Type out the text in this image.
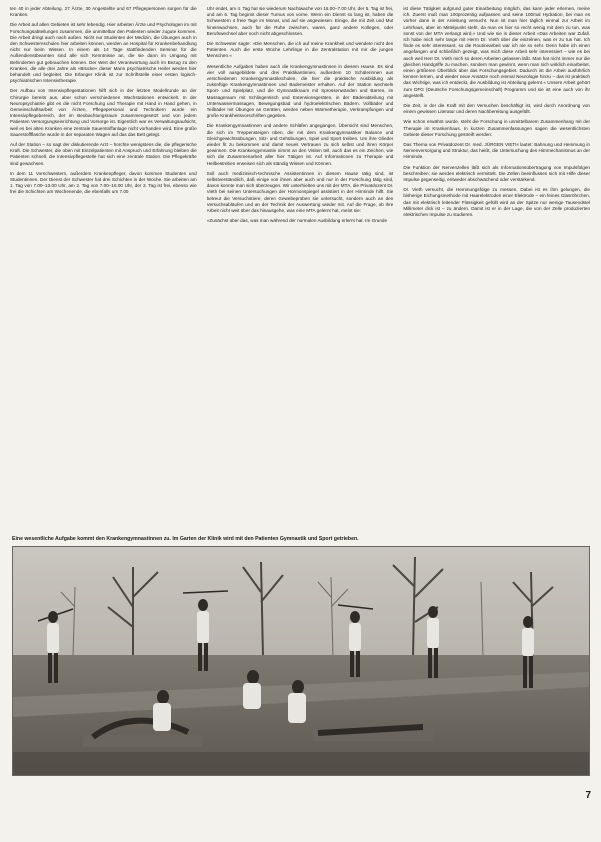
ten 40 in jeder Abteilung. 27 Ärzte, 30 Angestellte und 67 Pflegepersonen sorgen für die Kranken.

Die Arbeit auf allen Gebieten ist sehr lebendig. Hier arbeiten Ärzte und Psychologen im mit Forschungsabteilungen zusammen, die unmittelbar den Patienten wieder zugute kommen. Die Arbeit dringt auch nach außen. Nicht nur Studenten der Medizin, die Übungen auch in den Schwesternschulen hier arbeiten können, werden an Hospital für Krankenbehandlung nicht nur beim Wissen. In einem als 14 Tage stattfindenden Seminar für die Außendienstbeamten sind alle sich Kenntnisse an, die sie dann im Umgang mit Behinderten gut gebrauchen können. Der Wert der Verantwortung auch im Bezug zu den Kranken, die alle drei Jahre als »Brücke« dieser Mann psychiatrische Heiler werden hier behandelt und begleitet. Die Erlanger Klinik ist zur Schriftstelle einer ersten logisch-psychiatrischen Intensivtherapie.

Der Aufbau von Intensivpflegestationen hilft sich in der letzten Modellrunde an der Chirurgie bereits aus, aber schon verschiedenen Wachstationen entwickelt. In der Neuropsychiatrie gibt es die nicht Forschung und Therapie mit Hand in Hand gehen, in Gemeinschaftsarbeit von Ärzten, Pflegepersonal und Technikern wurde ein Intensivpflegebereich, der im Beobachtungsraum zusammengesetzt und von jedem Patienten Versorgungseinrichtung und Vorsorge ist. Eigentlich war es Verwaltungsaufsicht, weil es bei alten Kranken eine zentrale Sauerstoffanlage nicht vorhanden wird. Eine große Sauerstoffflasche wurde in der separaten Wagen auf das das Bett gelegt.

Auf der Station – so sagt der diskutierende Arzt – horchte wenigstens die, die pflegerische Kraft. Die Schwester, die oben mit Einzelpatienten mit Anspruch und Erfahrung bleiben die Patienten schnell, die Intensivpflegestelle hat sich eine zentrale Station. Die Pflegekräfte sind gewachsen.

In dem 11 Vorschwestern, außerdem Krankenpfleger, davon kommen Studenten und Studentinnen. Der Dienst der Schwester hat drei Schichten in der Woche. Sie arbeiten am 1. Tag von 7.00–13.00 Uhr, am 2. Tag von 7.00–16.00 Uhr, der 3. Tag ist frei, ebenso wie frei die Schichten am Wochenende, die ebenfalls um 7.00

Uhr endet, am 4. Tag hat sie wiederum Nachtwache von 16.00–7.00 Uhr, der 5. Tag ist frei, und am 6. Tag beginnt dieser Turnus von vorne. Wenn ein Dienst so lang ist, haben die Schwestern 4 freie Tage im Monat, und auf sie angewiesen. Einige, die mit Zeit und Mut hineinwachsen, auch für die Ruhe zwischen, waren, ganz andere Kollegen, oder Berufswechsel aber noch nicht abgeschlossen.

Die Schwester sagte: »Die Menschen, die ich auf meine Krankheit und wendete nicht den Patienten. Auch die erste Woche Lehrlinge in die Zentralstation mit mir die jungen Menschen.«

Wesentliche Aufgaben haben auch die Krankengymnastinnen in diesem Hause. Es sind vier voll ausgebildete und drei Praktikantinnen, außerdem 10 Schülerinnen aus verschiedenen Krankengymnastikschulen, die hier die praktische Ausbildung als zukünftige Krankengymnastinnen und Bademeister erhalten. Auf der Station wechseln Sport- und Spielplatz, und die Gymnastikraum mit Sprossenwänden und Barren, im Massageraum mit Schlingentisch und Extensionsgeräten, in der Bäderabteilung mit Unterwassermassagen, Bewegungsbad und hydroelektrischen Bädern. Vollbäder und Teilbäder mit Übungen an Geräten, werden neben Wärmetherapie, Verkrampfungen und große Krankheitsvorschriften gegeben.

Die Krankengymnastinnen und andere Schläfen angegangen. Übersicht sind Menschen, die sich im Treppensteigen üben, die mit dem Krankengymnastiker Balance und Gleichgewichtsübungen, Sitz- und Gehübungen, Spiel und Sport treiben. Um ihre Glieder wieder fit zu bekommen und damit neues Vertrauen zu sich selbst und ihren Körper gewinnen. Die Krankengymnastin nimmt an den Visiten teil, auch das es ein Zeichen, wie sich die Zusammenarbeit aller hier Tätigen ist. Auf Informationen zu Therapie und Heilbestreben erweisen sich als ständig Wissen und Können.

Soll auch medizinisch-technische Assistentinnen in diesem Hause tätig sind, ist selbstverständlich, daß einige von ihnen aber auch und nur in der Forschung tätig sind, davon konnte man sich überzeugen. Wir unterhielten uns mit der MTA, die Privatdozent Dr. Vieth bei seinen Untersuchungen der Hormonspiegel assistiert in der Hirnrinde hilft. Sie betreut die Versuchstiere, deren Gewebeproben sie untersucht, sondern auch an den Versuchsabläufen und an der Technik der Auswertung wieder mit. Auf die Frage, ob ihre Arbeit nicht weit über das hinausgehe, was eine MTA gelernt hat, meint sie:

»Zunächst über das, was man während der normalen Ausbildung erlernt hat. Im Grunde

ist diese Tätigkeit aufgrund guter Einarbeitung möglich, das kann jeder erlernen, meine ich. Zuerst muß man 100prozentig aufpassen und seine 100mal Hydration, bei man es vorher dann in der Anleitung versucht. Nun ist man hier täglich einmal zur Arbeit im Lehrhaus, aber im Mittelpunkt steht, da man es hier so recht wenig mit dem zu tun, was sonst von der MTA verlangt wird.« Und wie sie in dieser Arbeit »Das Arbeiten war Zufall. Ich habe mich sehr lange mit Herrn Dr. Vieth über die einzelnen, was er zu tun hat. Ich finde es sehr interessant, so die Routinearbeit war ich nie so sehr. Denn habe ich einen angefangen und schließlich gezeigt, was mich diese Arbeit sehr interessiert – wie es bei auch weil Herr Dr. Vieth mich so deren Arbeiten gelassen läßt. Man hat nicht immer nur die gleichen Handgriffe zu machen, sondern man gewinnt, wenn man sich wirklich einarbeitet, einen größeren Überblick über das Forschungsgebiet. Dadurch ist die Arbeit ausführlich kennen lernen, und wieder neue Ansätze noch einmal Neurologie hinzu – das ist praktisch das Wichtige, was ich entdeckt, die Ausbildung ist Abteilung gelernt.« Unsere Arbeit gehört zum DFG (Deutsche Forschungsgemeinschaft) Programm und sie ist eine auch von ihr angestellt.

Die Zeit, in der die Kraft mit den Versuchen beschäftigt ist, wird durch Anordnung von einem gewissen Literatur und deren Nachbereitung ausgefüllt.

Wie schon erwähnt wurde, steht die Forschung in unmittelbarem Zusammenhang mit der Therapie im Krankenhaus. In kurzen Zusammenfassungen sagen die wesentlichsten Gebiete dieser Forschung gestreift werden:

Das Thema von Privatdozent Dr. med. JÜRGEN VIETH lautet: Bahnung und Hemmung in Nervenversorgung und Struktur, das heißt, die Untersuchung des Hirnmechanismus an der Hirnrinde.

Die Funktion der Nervenzellen läßt sich als Informationsübertragung von Impulsfolgen beschreiben; sie werden elektrisch vermittelt. Die Zellen beeinflussen sich mit Hilfe dieser Impulse gegenseitig, entweder abschwächend oder verstärkend.

Dr. Vieth versucht, die Hemmungsfolge zu messen. Dabei ist es ihm gelungen, die bisherige Eichungsmethode mit Haarelektroden einer Elektrode – ein feines Glasröhrchen, das mit elektrisch leitender Flüssigkeit gefüllt wird an der Spitze nur wenige Tausendstel Millimeter dick ist – zu ändern. Damit ist er in der Lage, die von der Zelle produzierten elektrischen Impulse zu studieren.

Eine wesentliche Aufgabe kommt den Krankengymnastinnen zu. Im Garten der Klinik wird mit den Patienten Gymnastik und Sport getrieben.
7
